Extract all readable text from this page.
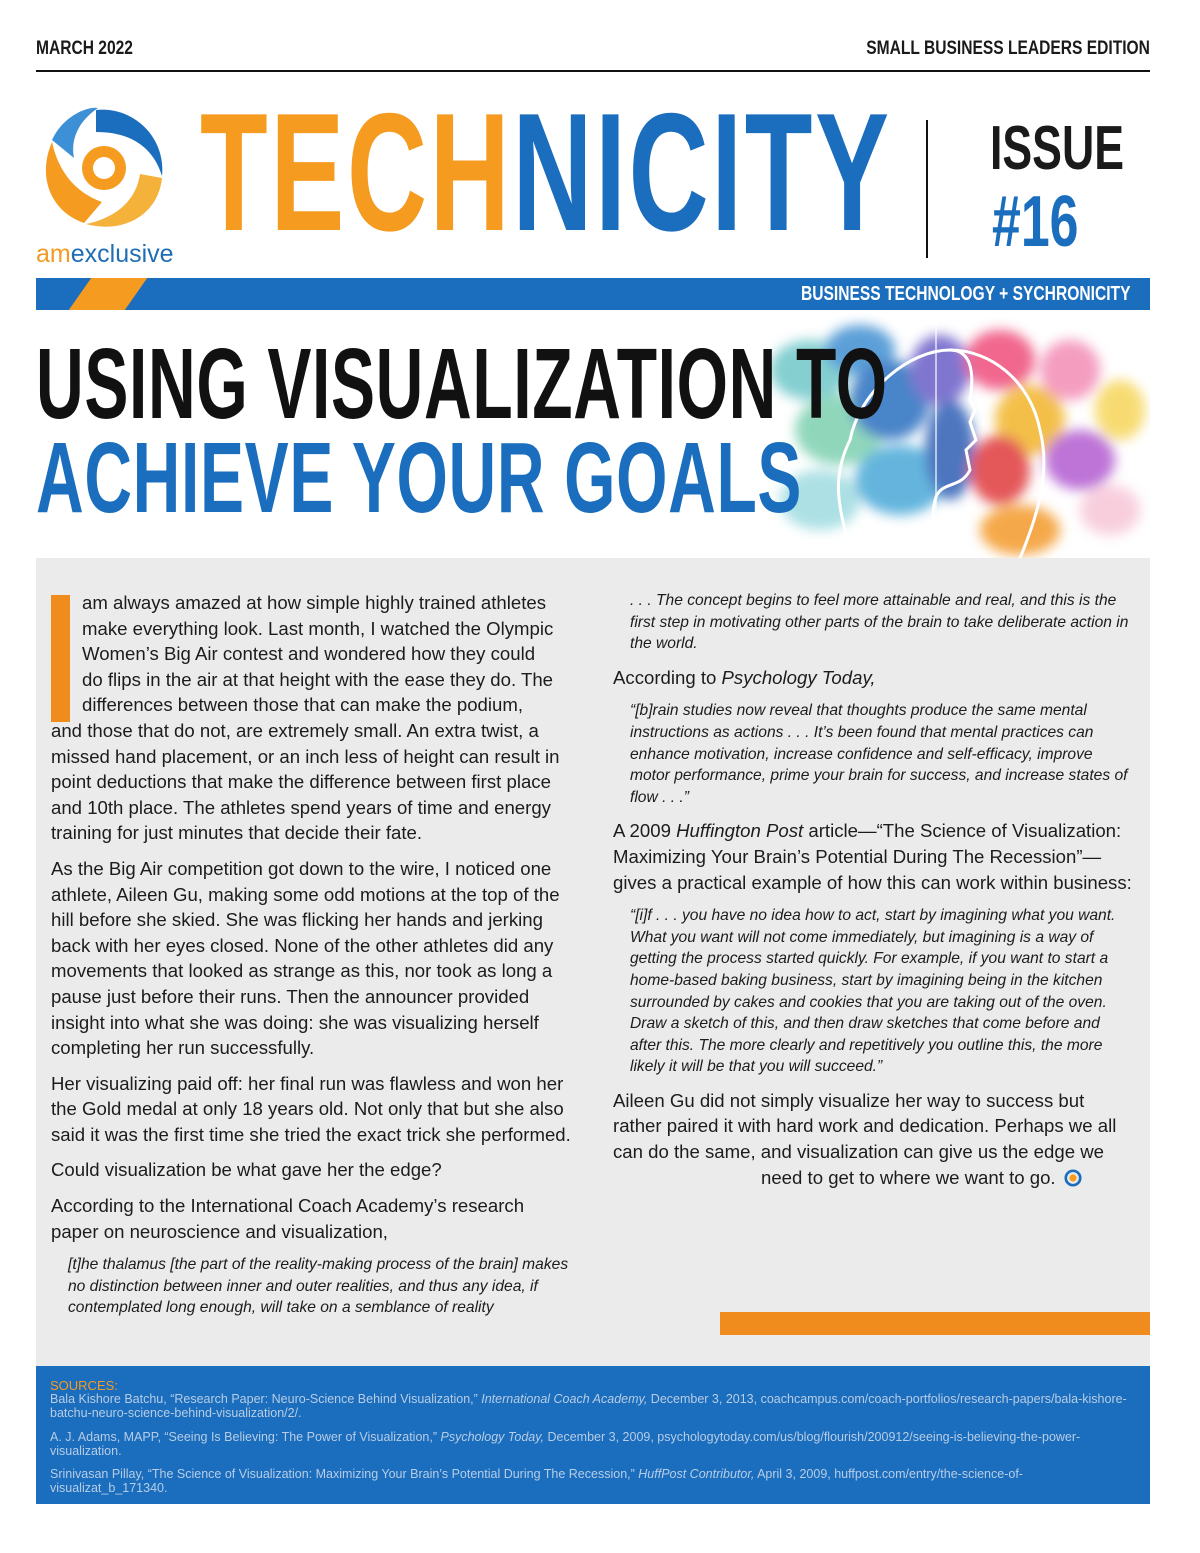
MARCH 2022	SMALL BUSINESS LEADERS EDITION
amexclusive TECHNICITY ISSUE
#16
BUSINESS TECHNOLOGY + SYCHRONICITY
USING VISUALIZATION TO
ACHIEVE YOUR GOALS

am always amazed at how simple highly trained athletes
make everything look. Last month, I watched the Olympic
Women’s Big Air contest and wondered how they could
do flips in the air at that height with the ease they do. The
differences between those that can make the podium,
and those that do not, are extremely small. An extra twist, a missed hand placement, or an inch less of height can result in point deductions that make the difference between first place and 10th place. The athletes spend years of time and energy training for just minutes that decide their fate.

As the Big Air competition got down to the wire, I noticed one athlete, Aileen Gu, making some odd motions at the top of the hill before she skied. She was flicking her hands and jerking back with her eyes closed. None of the other athletes did any movements that looked as strange as this, nor took as long a pause just before their runs. Then the announcer provided insight into what she was doing: she was visualizing herself completing her run successfully.

Her visualizing paid off: her final run was flawless and won her the Gold medal at only 18 years old. Not only that but she also said it was the first time she tried the exact trick she performed.

Could visualization be what gave her the edge?

According to the International Coach Academy’s research paper on neuroscience and visualization,

[t]he thalamus [the part of the reality-making process of the brain] makes no distinction between inner and outer realities, and thus any idea, if contemplated long enough, will take on a semblance of reality

. . . The concept begins to feel more attainable and real, and this is the first step in motivating other parts of the brain to take deliberate action in the world.

According to Psychology Today,

“[b]rain studies now reveal that thoughts produce the same mental instructions as actions . . . It’s been found that mental practices can enhance motivation, increase confidence and self-efficacy, improve motor performance, prime your brain for success, and increase states of flow . . .”

A 2009 Huffington Post article—“The Science of Visualization: Maximizing Your Brain’s Potential During The Recession”—gives a practical example of how this can work within business:

“[i]f . . . you have no idea how to act, start by imagining what you want. What you want will not come immediately, but imagining is a way of getting the process started quickly. For example, if you want to start a home-based baking business, start by imagining being in the kitchen surrounded by cakes and cookies that you are taking out of the oven. Draw a sketch of this, and then draw sketches that come before and after this. The more clearly and repetitively you outline this, the more likely it will be that you will succeed.”

Aileen Gu did not simply visualize her way to success but rather paired it with hard work and dedication. Perhaps we all can do the same, and visualization can give us the edge we
need to get to where we want to go.

SOURCES:
Bala Kishore Batchu, “Research Paper: Neuro-Science Behind Visualization,” International Coach Academy, December 3, 2013, coachcampus.com/coach-portfolios/research-papers/bala-kishore-batchu-neuro-science-behind-visualization/2/.
A. J. Adams, MAPP, “Seeing Is Believing: The Power of Visualization,” Psychology Today, December 3, 2009, psychologytoday.com/us/blog/flourish/200912/seeing-is-believing-the-power-visualization.
Srinivasan Pillay, “The Science of Visualization: Maximizing Your Brain’s Potential During The Recession,” HuffPost Contributor, April 3, 2009, huffpost.com/entry/the-science-of-visualizat_b_171340.
